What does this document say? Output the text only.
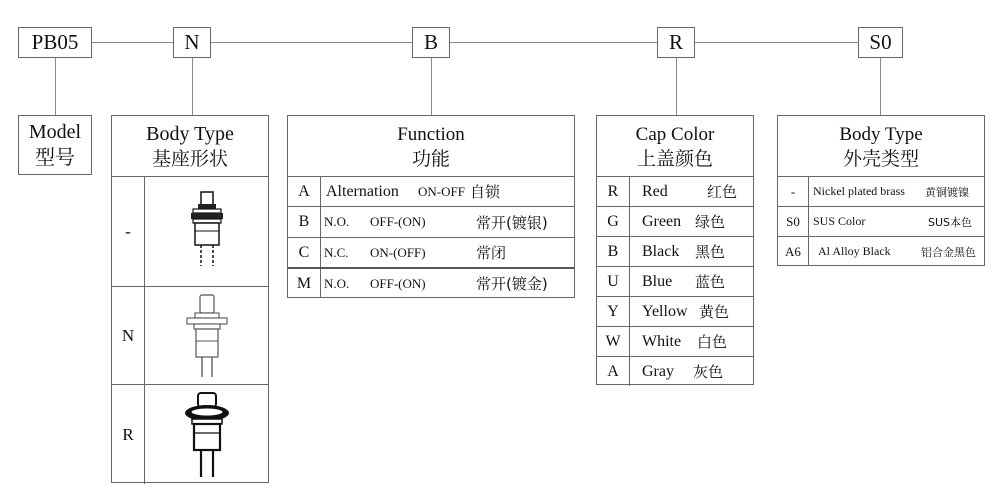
PB05	N	B	R	S0
Model
型号
Body Type
基座形状
-
N
R
Function
功能
A	Alternation ON-OFF 自锁
B	N.O. OFF-(ON)	常开(镀银)
C	N.C. ON-(OFF)	常闭
M N.O. OFF-(ON)	常开(镀金)
Cap Color
上盖颜色
R	Red	红色
G	Green 绿色
B	Black 黑色
U	Blue 蓝色
Y	Yellow 黄色
W	White 白色
A	Gray 灰色
Body Type
外壳类型
-	Nickel plated brass 黄铜镀镍
S0	SUS Color	SUS本色
A6	Al Alloy Black	铝合金黑色
